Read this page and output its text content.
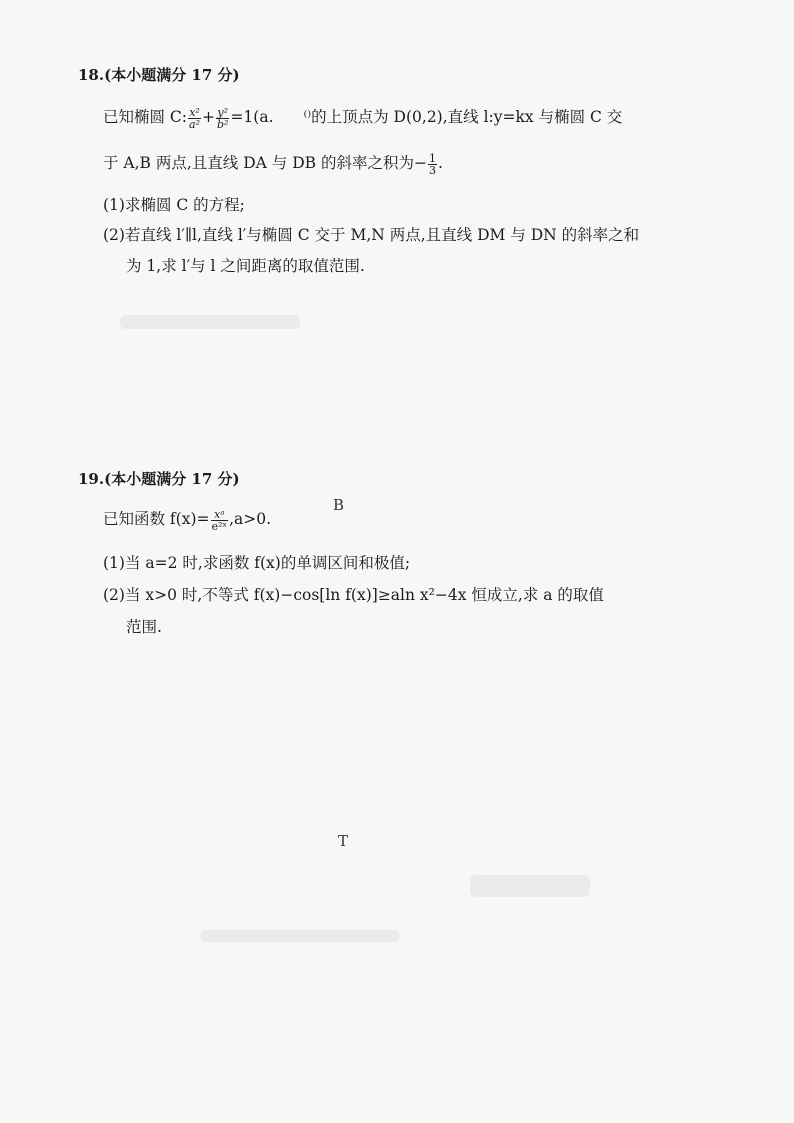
18.(本小题满分 17 分)
已知椭圆 C: $\frac{\text{x²}}{\text{a²}} + \frac{\text{y²}}{\text{b²}} =1(a$. ⁽⁾的上顶点为 D(0,2),直线 l:y=kx 与椭圆 C 交
于 A,B 两点,且直线 DA 与 DB 的斜率之积为− $\frac{1}{3}$ .
(1)求椭圆 C 的方程;
(2)若直线 l′∥l,直线 l′与椭圆 C 交于 M,N 两点,且直线 DM 与 DN 的斜率之和
为 1,求 l′与 l 之间距离的取值范围.
19.(本小题满分 17 分)
已知函数 $f(x)= \frac{\text{xᵃ}}{\text{e²ˣ}} ,a>0$.
B
(1)当 a=2 时,求函数 f(x)的单调区间和极值;
(2)当 x>0 时,不等式 f(x)−cos[ln f(x)]≥aln x²−4x 恒成立,求 a 的取值
范围.
T
